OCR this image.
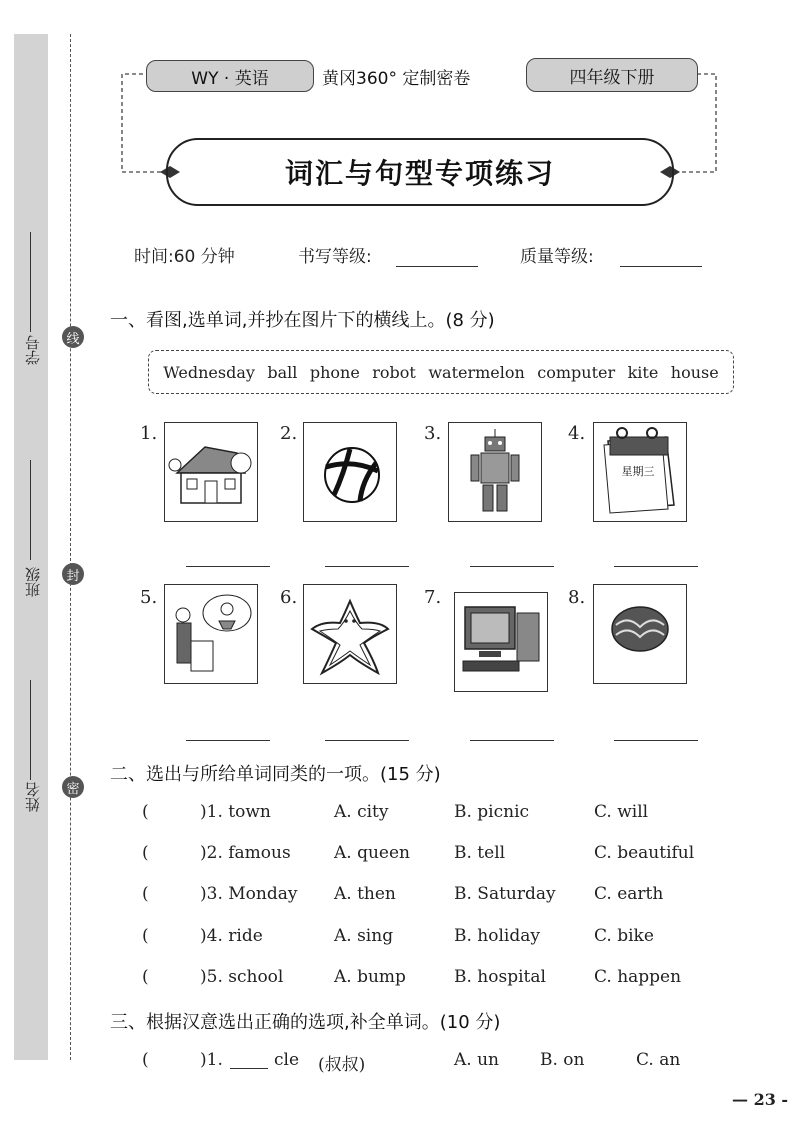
学号
班级
姓名
线
封
密
WY · 英语	黄冈360° 定制密卷	四年级下册
词汇与句型专项练习
时间:60 分钟	书写等级:	质量等级:
一、看图,选单词,并抄在图片下的横线上。(8 分)
Wednesday ball phone robot watermelon computer kite house
1.	2.	3.	4.
星期三
5.	6.	7.	8.
二、选出与所给单词同类的一项。(15 分)
(	)1. town	A. city	B. picnic	C. will
(	)2. famous	A. queen	B. tell	C. beautiful
(	)3. Monday A. then	B. Saturday C. earth
(	)4. ride	A. sing	B. holiday	C. bike
(	)5. school	A. bump	B. hospital	C. happen
三、根据汉意选出正确的选项,补全单词。(10 分)
(	)1.	cle (叔叔)	A. un B. on	C. an
— 23 -
